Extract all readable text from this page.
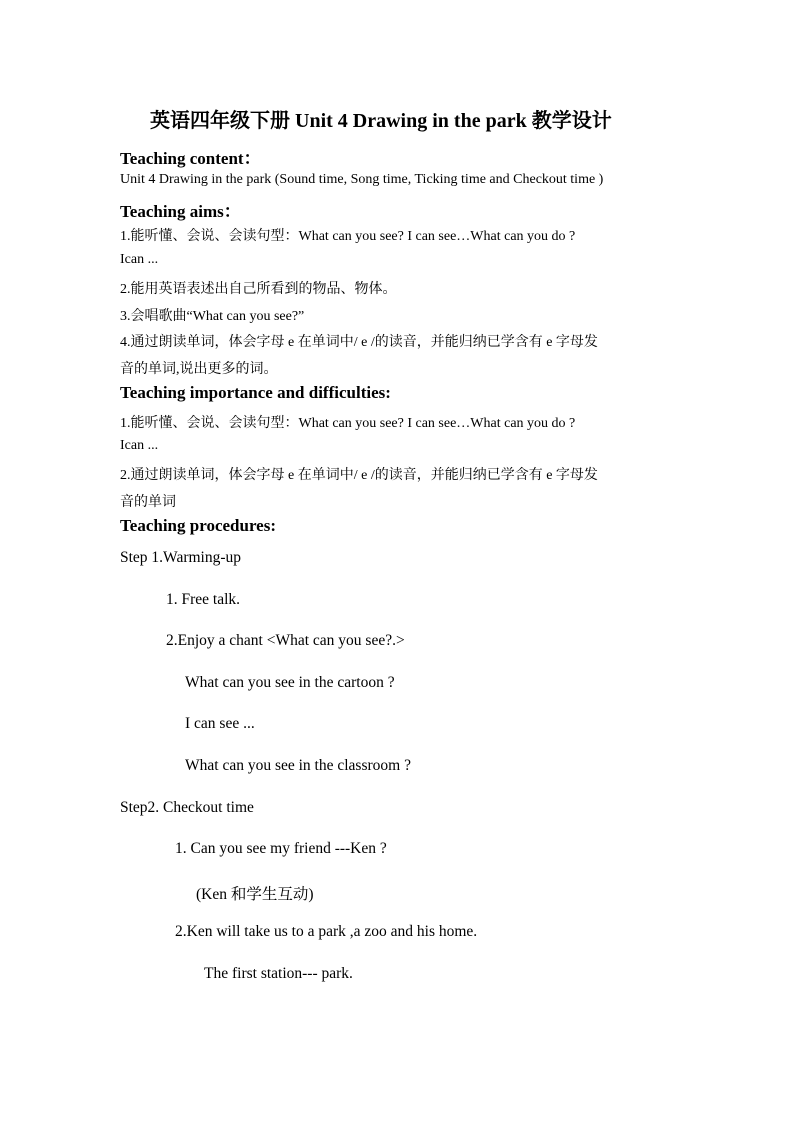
英语四年级下册 Unit 4 Drawing in the park 教学设计
Teaching content：
Unit 4 Drawing in the park (Sound time, Song time, Ticking time and Checkout time )
Teaching aims：
1.能听懂、会说、会读句型：What can you see? I can see…What can you do ?
Ican ...
2.能用英语表述出自己所看到的物品、物体。
3.会唱歌曲“What can you see?”
4.通过朗读单词，体会字母 e 在单词中/ e /的读音，并能归纳已学含有 e 字母发
音的单词,说出更多的词。
Teaching importance and difficulties:
1.能听懂、会说、会读句型：What can you see? I can see…What can you do ?
Ican ...
2.通过朗读单词，体会字母 e 在单词中/ e /的读音，并能归纳已学含有 e 字母发
音的单词
Teaching procedures:
Step 1.Warming-up
1. Free talk.
2.Enjoy a chant <What can you see?.>
What can you see in the cartoon ?
I can see ...
What can you see in the classroom ?
Step2. Checkout time
1. Can you see my friend ---Ken ?
(Ken 和学生互动)
2.Ken will take us to a park ,a zoo and his home.
The first station--- park.
